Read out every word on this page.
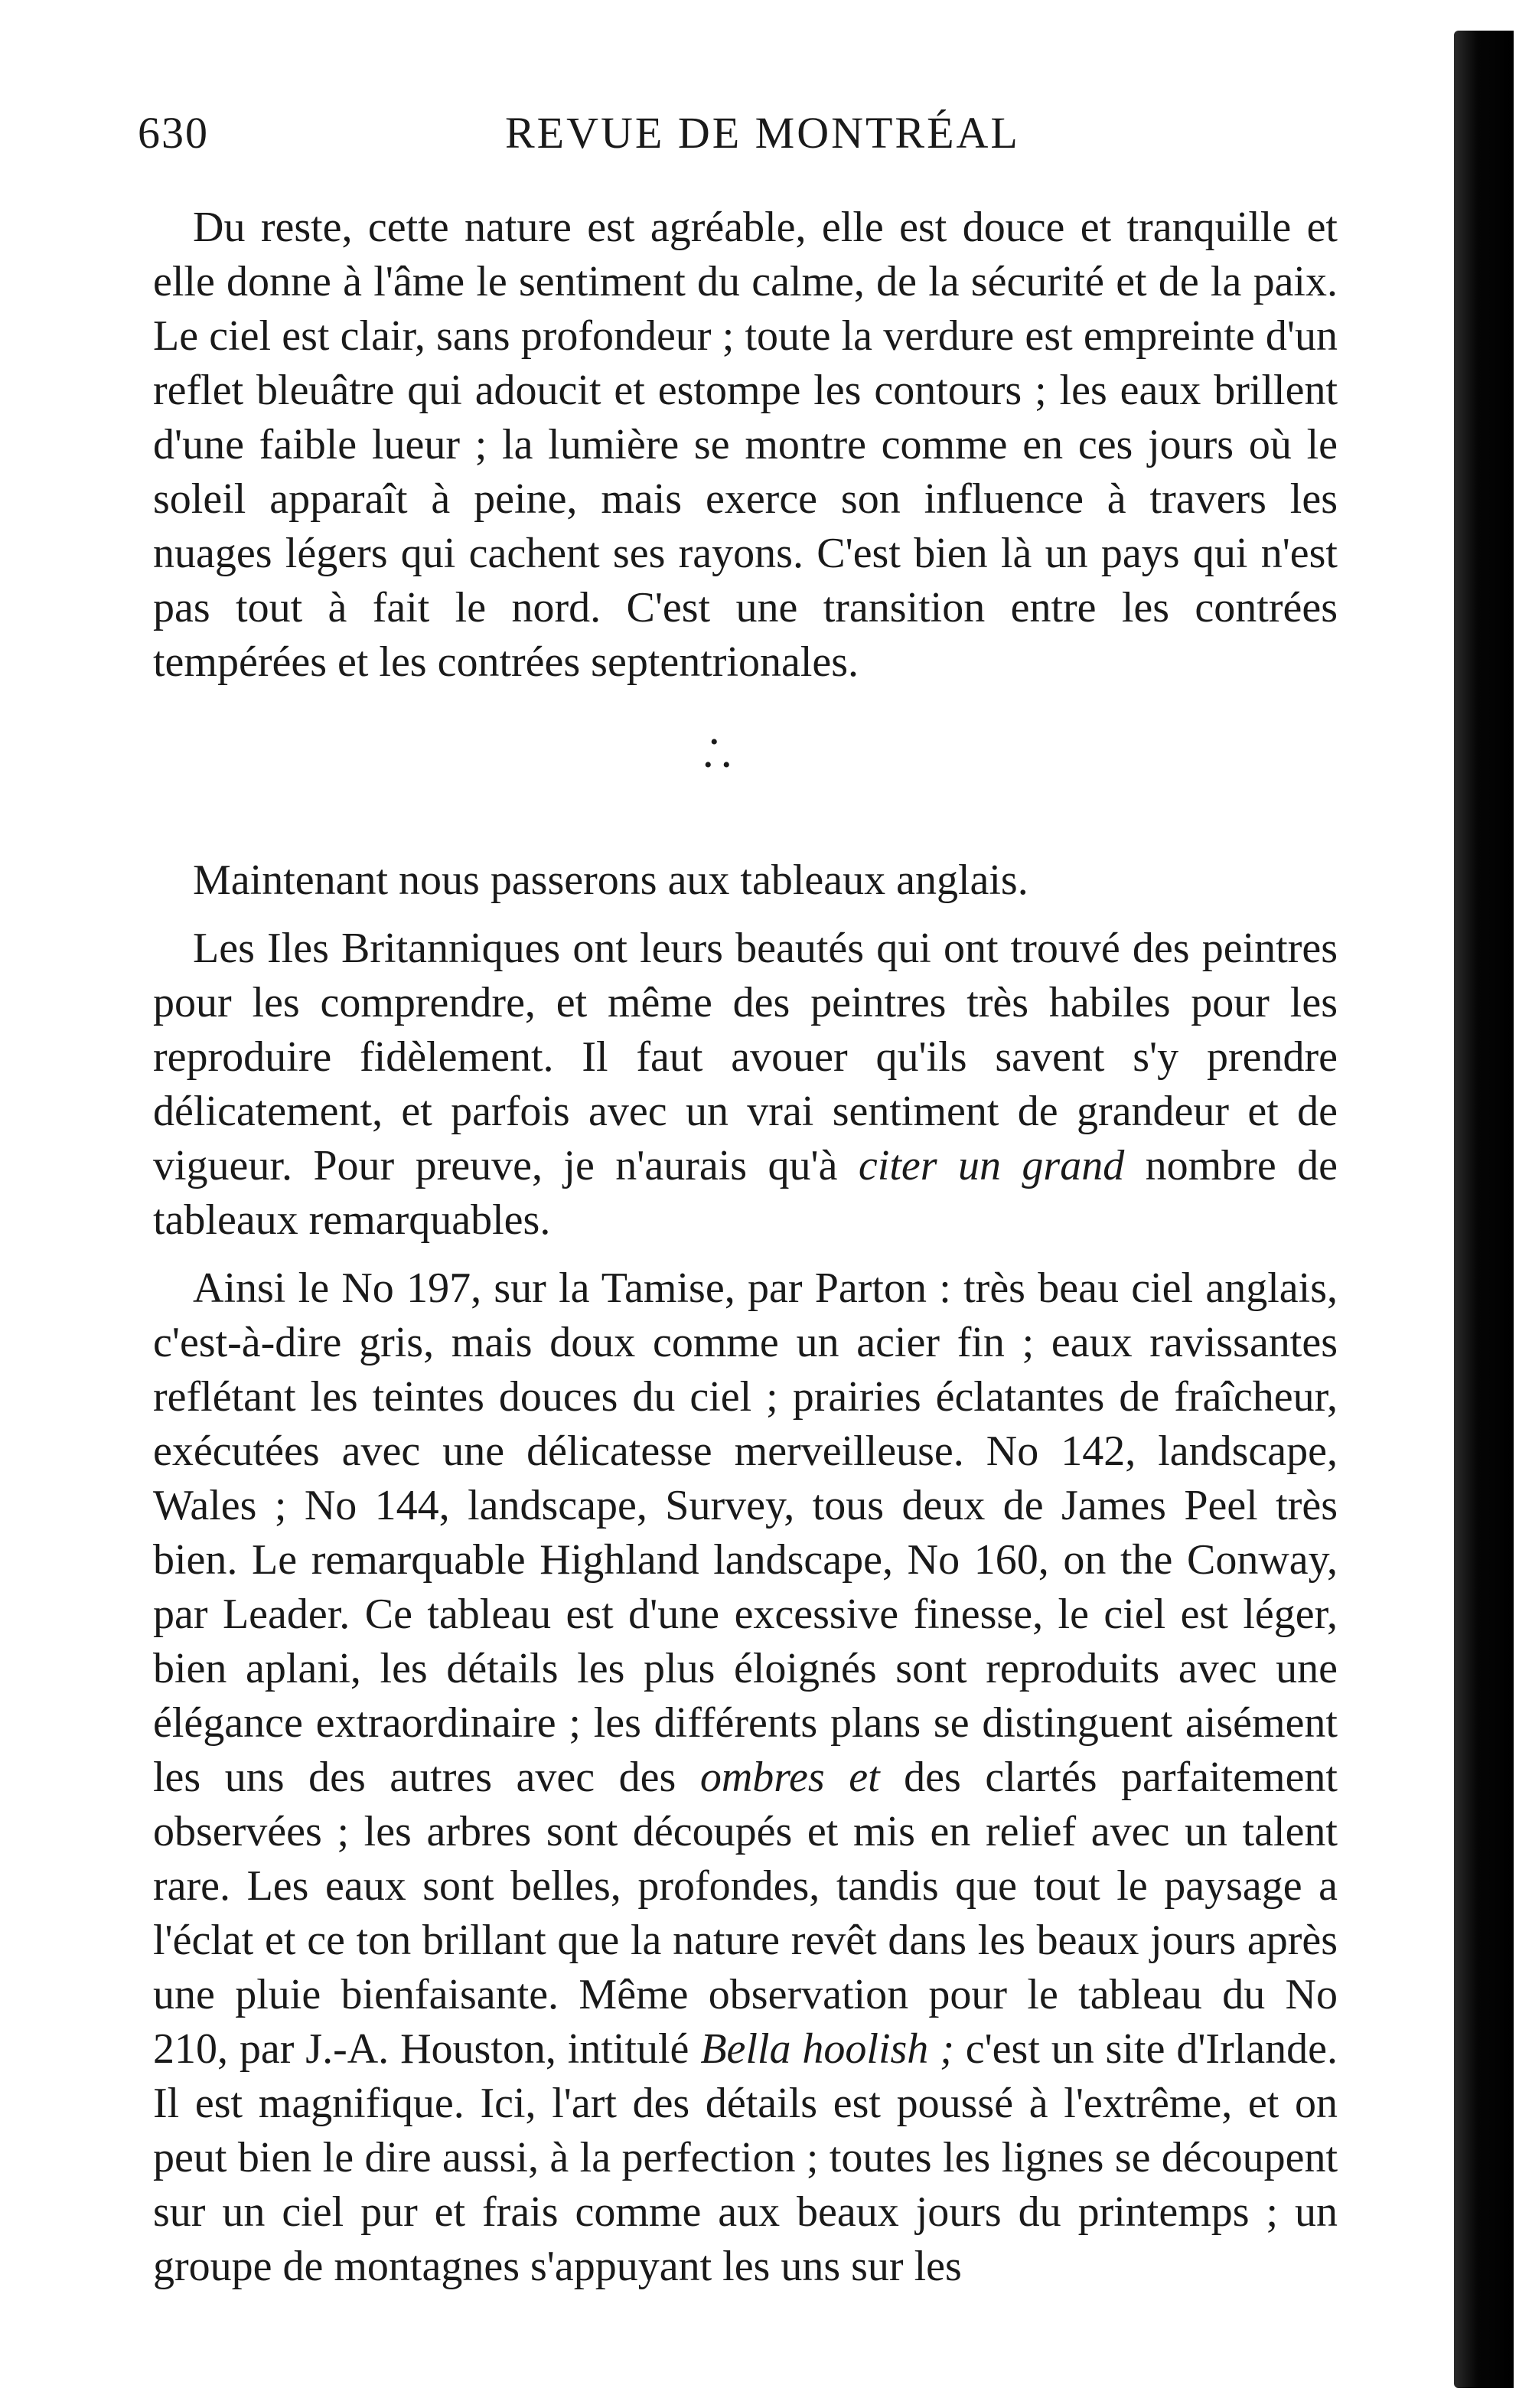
630	REVUE DE MONTRÉAL

Du reste, cette nature est agréable, elle est douce et tranquille et elle donne à l'âme le sentiment du calme, de la sécurité et de la paix. Le ciel est clair, sans profondeur ; toute la verdure est empreinte d'un reflet bleuâtre qui adoucit et estompe les contours ; les eaux brillent d'une faible lueur ; la lumière se montre comme en ces jours où le soleil apparaît à peine, mais exerce son influence à travers les nuages légers qui cachent ses rayons. C'est bien là un pays qui n'est pas tout à fait le nord. C'est une transition entre les contrées tempérées et les contrées septentrionales.

•
• •

Maintenant nous passerons aux tableaux anglais.

Les Iles Britanniques ont leurs beautés qui ont trouvé des peintres pour les comprendre, et même des peintres très habiles pour les reproduire fidèlement. Il faut avouer qu'ils savent s'y prendre délicatement, et parfois avec un vrai sentiment de grandeur et de vigueur. Pour preuve, je n'aurais qu'à citer un grand nombre de tableaux remarquables.

Ainsi le No 197, sur la Tamise, par Parton : très beau ciel anglais, c'est-à-dire gris, mais doux comme un acier fin ; eaux ravissantes reflétant les teintes douces du ciel ; prairies éclatantes de fraîcheur, exécutées avec une délicatesse merveilleuse. No 142, landscape, Wales ; No 144, landscape, Survey, tous deux de James Peel très bien. Le remarquable Highland landscape, No 160, on the Conway, par Leader. Ce tableau est d'une excessive finesse, le ciel est léger, bien aplani, les détails les plus éloignés sont reproduits avec une élégance extraordinaire ; les différents plans se distinguent aisément les uns des autres avec des ombres et des clartés parfaitement observées ; les arbres sont découpés et mis en relief avec un talent rare. Les eaux sont belles, profondes, tandis que tout le paysage a l'éclat et ce ton brillant que la nature revêt dans les beaux jours après une pluie bienfaisante. Même observation pour le tableau du No 210, par J.-A. Houston, intitulé Bella hoolish ; c'est un site d'Irlande. Il est magnifique. Ici, l'art des détails est poussé à l'extrême, et on peut bien le dire aussi, à la perfection ; toutes les lignes se découpent sur un ciel pur et frais comme aux beaux jours du printemps ; un groupe de montagnes s'appuyant les uns sur les
